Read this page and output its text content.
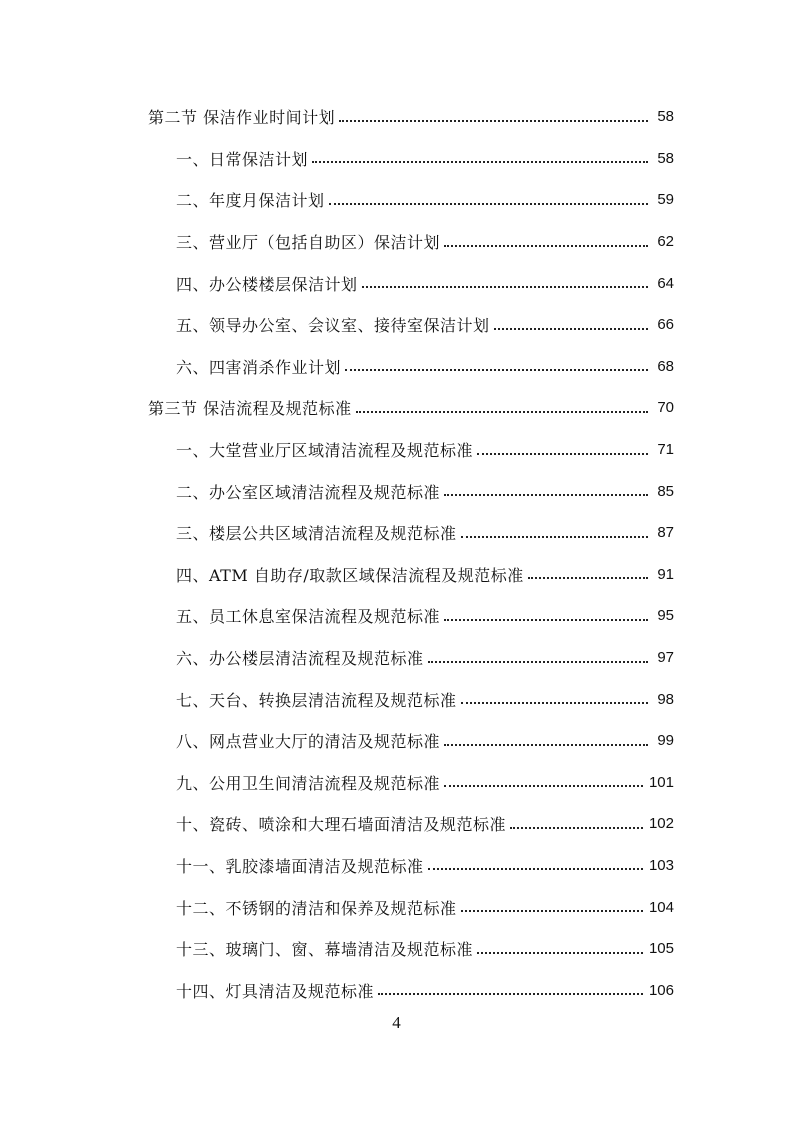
第二节 保洁作业时间计划	58
一、日常保洁计划	58
二、年度月保洁计划	59
三、营业厅（包括自助区）保洁计划	62
四、办公楼楼层保洁计划	64
五、领导办公室、会议室、接待室保洁计划	66
六、四害消杀作业计划	68
第三节 保洁流程及规范标准	70
一、大堂营业厅区域清洁流程及规范标准	71
二、办公室区域清洁流程及规范标准	85
三、楼层公共区域清洁流程及规范标准	87
四、ATM 自助存/取款区域保洁流程及规范标准	91
五、员工休息室保洁流程及规范标准	95
六、办公楼层清洁流程及规范标准	97
七、天台、转换层清洁流程及规范标准	98
八、网点营业大厅的清洁及规范标准	99
九、公用卫生间清洁流程及规范标准	101
十、瓷砖、喷涂和大理石墙面清洁及规范标准	102
十一、乳胶漆墙面清洁及规范标准	103
十二、不锈钢的清洁和保养及规范标准	104
十三、玻璃门、窗、幕墙清洁及规范标准	105
十四、灯具清洁及规范标准	106
4
